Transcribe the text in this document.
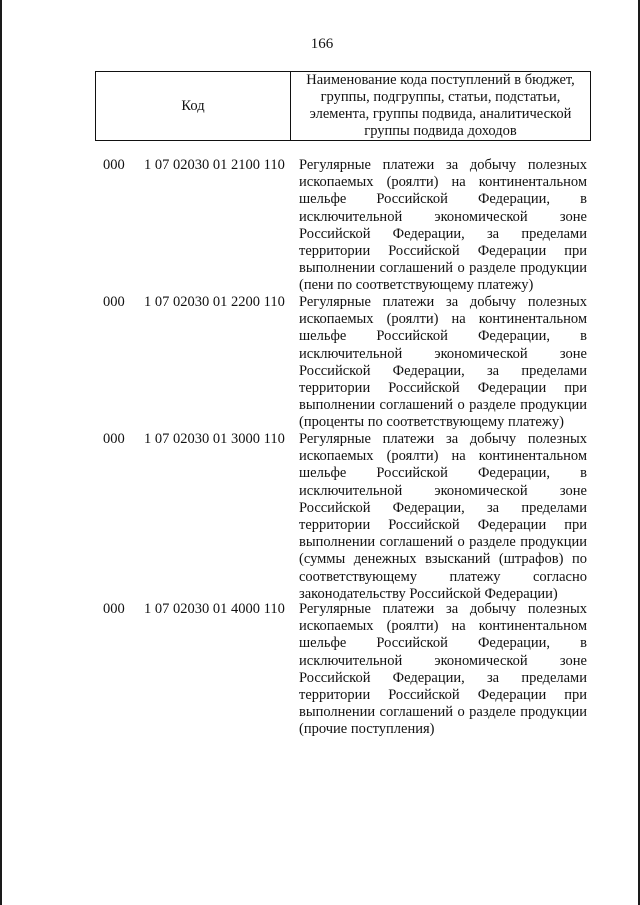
166
Код	Наименование кода поступлений в бюджет, группы, подгруппы, статьи, подстатьи, элемента, группы подвида, аналитической группы подвида доходов
000 1 07 02030 01 2100 110 Регулярные платежи за добычу полезных ископаемых (роялти) на континентальном шельфе Российской Федерации, в исключительной экономической зоне Российской Федерации, за пределами территории Российской Федерации при выполнении соглашений о разделе продукции (пени по соответствующему платежу)
000 1 07 02030 01 2200 110 Регулярные платежи за добычу полезных ископаемых (роялти) на континентальном шельфе Российской Федерации, в исключительной экономической зоне Российской Федерации, за пределами территории Российской Федерации при выполнении соглашений о разделе продукции (проценты по соответствующему платежу)
000 1 07 02030 01 3000 110 Регулярные платежи за добычу полезных ископаемых (роялти) на континентальном шельфе Российской Федерации, в исключительной экономической зоне Российской Федерации, за пределами территории Российской Федерации при выполнении соглашений о разделе продукции (суммы денежных взысканий (штрафов) по соответствующему платежу согласно законодательству Российской Федерации)
000 1 07 02030 01 4000 110 Регулярные платежи за добычу полезных ископаемых (роялти) на континентальном шельфе Российской Федерации, в исключительной экономической зоне Российской Федерации, за пределами территории Российской Федерации при выполнении соглашений о разделе продукции (прочие поступления)
